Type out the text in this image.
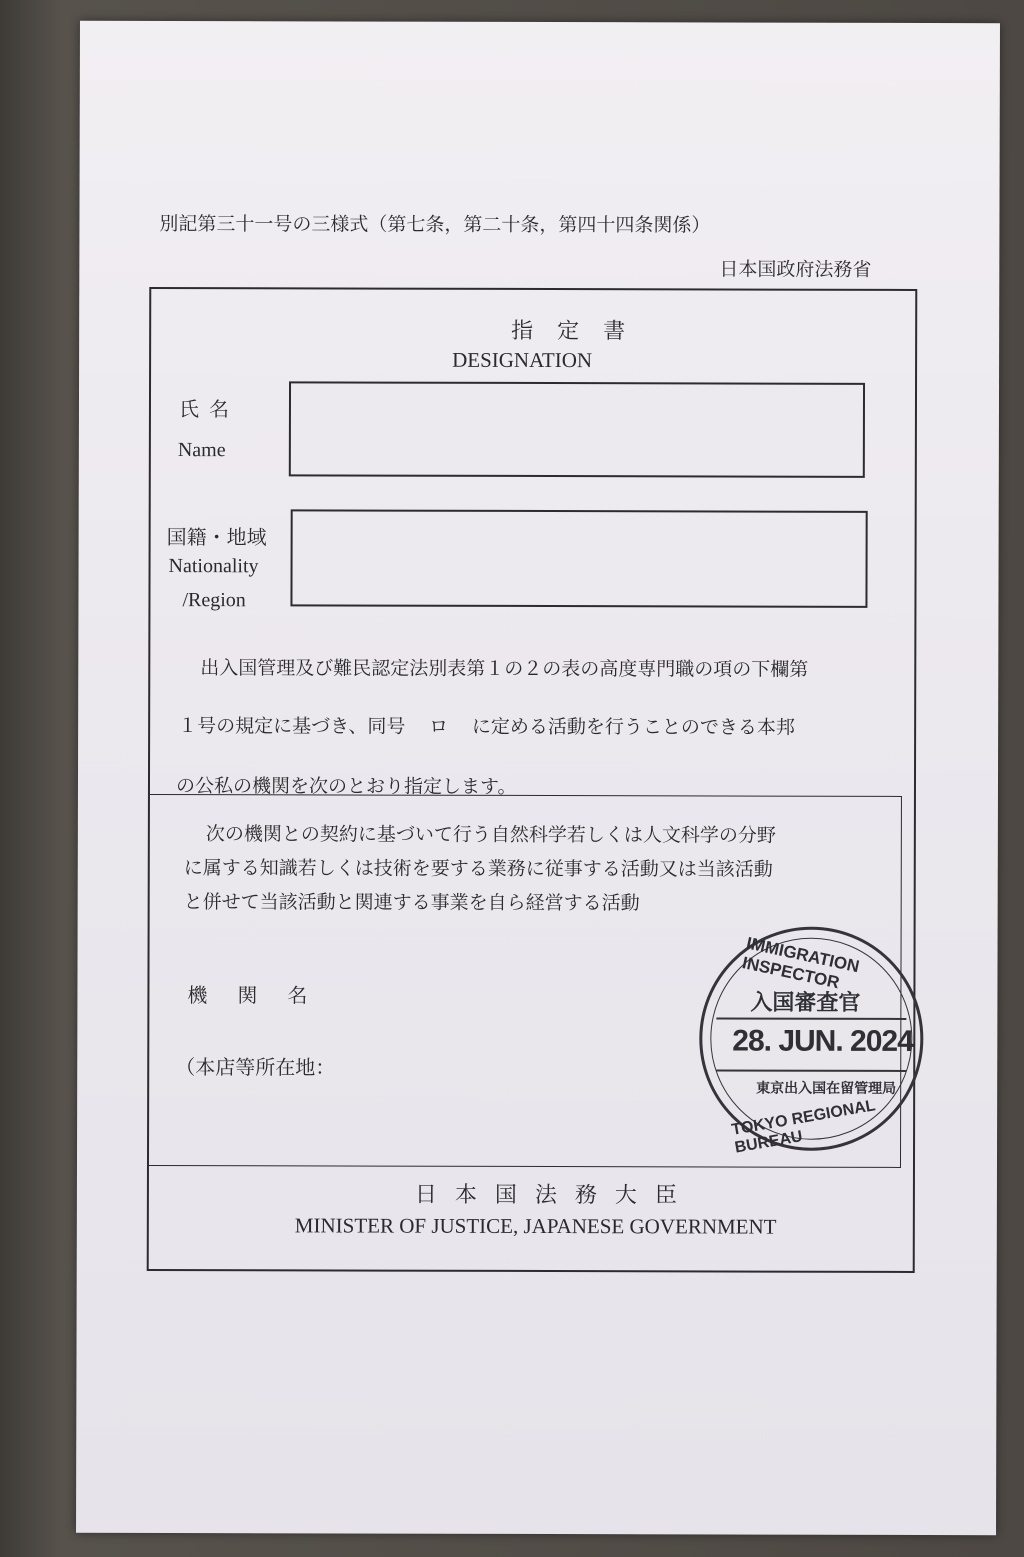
別記第三十一号の三様式（第七条，第二十条，第四十四条関係）
日本国政府法務省
指定書
DESIGNATION
氏名
Name
国籍・地域
Nationality
/Region
出入国管理及び難民認定法別表第１の２の表の高度専門職の項の下欄第
１号の規定に基づき、同号　 ロ　 に定める活動を行うことのできる本邦
の公私の機関を次のとおり指定します。
次の機関との契約に基づいて行う自然科学若しくは人文科学の分野
に属する知識若しくは技術を要する業務に従事する活動又は当該活動
と併せて当該活動と関連する事業を自ら経営する活動
機関名
（本店等所在地：
日本国法務大臣
MINISTER OF JUSTICE, JAPANESE GOVERNMENT
IMMIGRATION INSPECTOR
入国審査官
28. JUN. 2024
東京出入国在留管理局
TOKYO REGIONAL BUREAU
